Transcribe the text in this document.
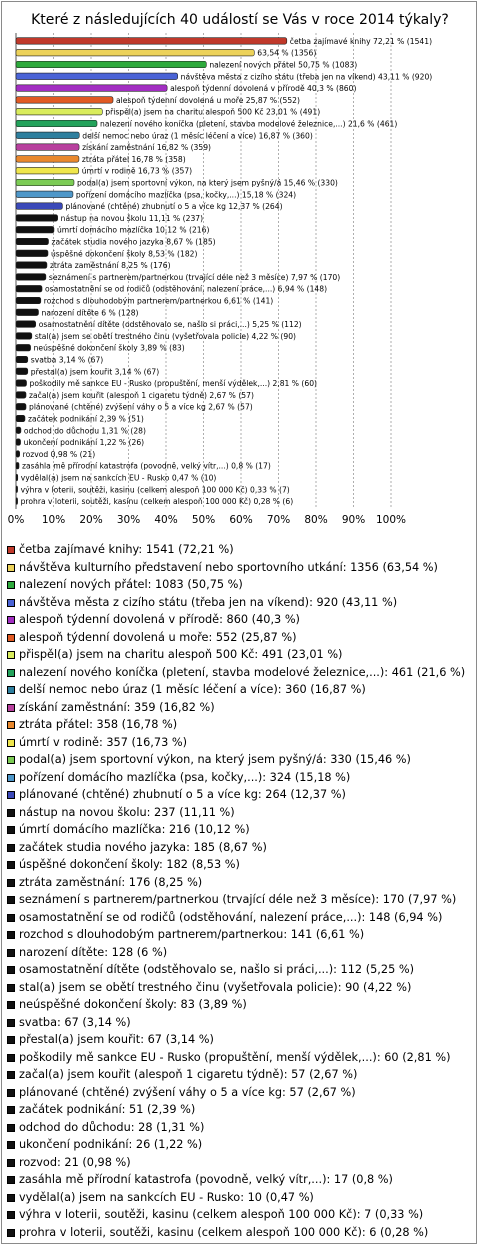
Které z následujících 40 událostí se Vás v roce 2014 týkaly?
0% 10% 20% 30% 40% 50% 60% 70% 80% 90% 100%
četba zajímavé knihy 72,21 % (1541)
63,54 % (1356)
nalezení nových přátel 50,75 % (1083)
návštěva města z cizího státu (třeba jen na víkend) 43,11 % (920)
alespoň týdenní dovolená v přírodě 40,3 % (860)
alespoň týdenní dovolená u moře 25,87 % (552)
přispěl(a) jsem na charitu alespoň 500 Kč 23,01 % (491)
nalezení nového koníčka (pletení, stavba modelové železnice,...) 21,6 % (461)
delší nemoc nebo úraz (1 měsíc léčení a více) 16,87 % (360)
získání zaměstnání 16,82 % (359)
ztráta přátel 16,78 % (358)
úmrtí v rodině 16,73 % (357)
podal(a) jsem sportovní výkon, na který jsem pyšný/á 15,46 % (330)
pořízení domácího mazlíčka (psa, kočky,...) 15,18 % (324)
plánované (chtěné) zhubnutí o 5 a více kg 12,37 % (264)
nástup na novou školu 11,11 % (237)
úmrtí domácího mazlíčka 10,12 % (216)
začátek studia nového jazyka 8,67 % (185)
úspěšné dokončení školy 8,53 % (182)
ztráta zaměstnání 8,25 % (176)
seznámení s partnerem/partnerkou (trvající déle než 3 měsíce) 7,97 % (170)
osamostatnění se od rodičů (odstěhování, nalezení práce,...) 6,94 % (148)
rozchod s dlouhodobým partnerem/partnerkou 6,61 % (141)
narození dítěte 6 % (128)
osamostatnění dítěte (odstěhovalo se, našlo si práci,...) 5,25 % (112)
stal(a) jsem se obětí trestného činu (vyšetřovala policie) 4,22 % (90)
neúspěšné dokončení školy 3,89 % (83)
svatba 3,14 % (67)
přestal(a) jsem kouřit 3,14 % (67)
poškodily mě sankce EU - Rusko (propuštění, menší výdělek,...) 2,81 % (60)
začal(a) jsem kouřit (alespoň 1 cigaretu týdně) 2,67 % (57)
plánované (chtěné) zvýšení váhy o 5 a více kg 2,67 % (57)
začátek podnikání 2,39 % (51)
odchod do důchodu 1,31 % (28)
ukončení podnikání 1,22 % (26)
rozvod 0,98 % (21)
zasáhla mě přírodní katastrofa (povodně, velký vítr,...) 0,8 % (17)
vydělal(a) jsem na sankcích EU - Rusko 0,47 % (10)
výhra v loterii, soutěži, kasinu (celkem alespoň 100 000 Kč) 0,33 % (7)
prohra v loterii, soutěži, kasinu (celkem alespoň 100 000 Kč) 0,28 % (6)
četba zajímavé knihy: 1541 (72,21 %)
návštěva kulturního představení nebo sportovního utkání: 1356 (63,54 %)
nalezení nových přátel: 1083 (50,75 %)
návštěva města z cizího státu (třeba jen na víkend): 920 (43,11 %)
alespoň týdenní dovolená v přírodě: 860 (40,3 %)
alespoň týdenní dovolená u moře: 552 (25,87 %)
přispěl(a) jsem na charitu alespoň 500 Kč: 491 (23,01 %)
nalezení nového koníčka (pletení, stavba modelové železnice,...): 461 (21,6 %)
delší nemoc nebo úraz (1 měsíc léčení a více): 360 (16,87 %)
získání zaměstnání: 359 (16,82 %)
ztráta přátel: 358 (16,78 %)
úmrtí v rodině: 357 (16,73 %)
podal(a) jsem sportovní výkon, na který jsem pyšný/á: 330 (15,46 %)
pořízení domácího mazlíčka (psa, kočky,...): 324 (15,18 %)
plánované (chtěné) zhubnutí o 5 a více kg: 264 (12,37 %)
nástup na novou školu: 237 (11,11 %)
úmrtí domácího mazlíčka: 216 (10,12 %)
začátek studia nového jazyka: 185 (8,67 %)
úspěšné dokončení školy: 182 (8,53 %)
ztráta zaměstnání: 176 (8,25 %)
seznámení s partnerem/partnerkou (trvající déle než 3 měsíce): 170 (7,97 %)
osamostatnění se od rodičů (odstěhování, nalezení práce,...): 148 (6,94 %)
rozchod s dlouhodobým partnerem/partnerkou: 141 (6,61 %)
narození dítěte: 128 (6 %)
osamostatnění dítěte (odstěhovalo se, našlo si práci,...): 112 (5,25 %)
stal(a) jsem se obětí trestného činu (vyšetřovala policie): 90 (4,22 %)
neúspěšné dokončení školy: 83 (3,89 %)
svatba: 67 (3,14 %)
přestal(a) jsem kouřit: 67 (3,14 %)
poškodily mě sankce EU - Rusko (propuštění, menší výdělek,...): 60 (2,81 %)
začal(a) jsem kouřit (alespoň 1 cigaretu týdně): 57 (2,67 %)
plánované (chtěné) zvýšení váhy o 5 a více kg: 57 (2,67 %)
začátek podnikání: 51 (2,39 %)
odchod do důchodu: 28 (1,31 %)
ukončení podnikání: 26 (1,22 %)
rozvod: 21 (0,98 %)
zasáhla mě přírodní katastrofa (povodně, velký vítr,...): 17 (0,8 %)
vydělal(a) jsem na sankcích EU - Rusko: 10 (0,47 %)
výhra v loterii, soutěži, kasinu (celkem alespoň 100 000 Kč): 7 (0,33 %)
prohra v loterii, soutěži, kasinu (celkem alespoň 100 000 Kč): 6 (0,28 %)
